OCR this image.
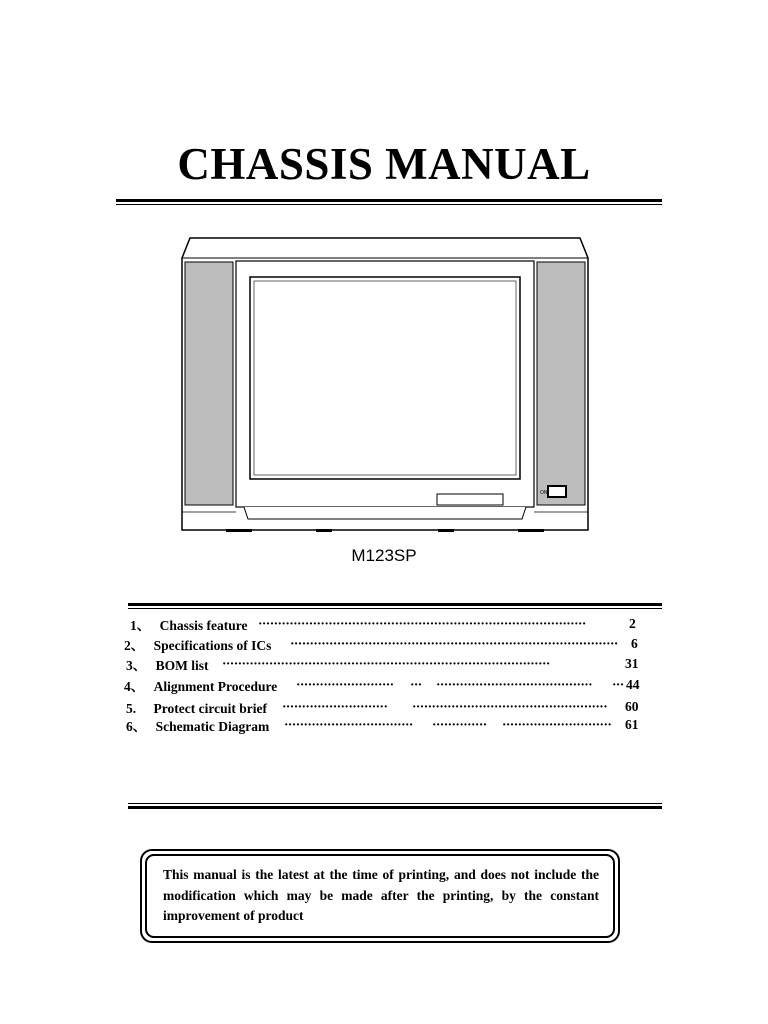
CHASSIS MANUAL
ON
M123SP
1、 Chassis feature ····················································································	2
2、 Specifications of ICs ···················································································· 6
3、 BOM list ····················································································	31
4、 Alignment Procedure ·························	···	········································	··· 44
5. Protect circuit brief ···························	··················································	60
6、 Schematic Diagram ·································	··············	····························	61
This manual is the latest at the time of printing, and does not include the modification which may be made after the printing, by the constant improvement of product
